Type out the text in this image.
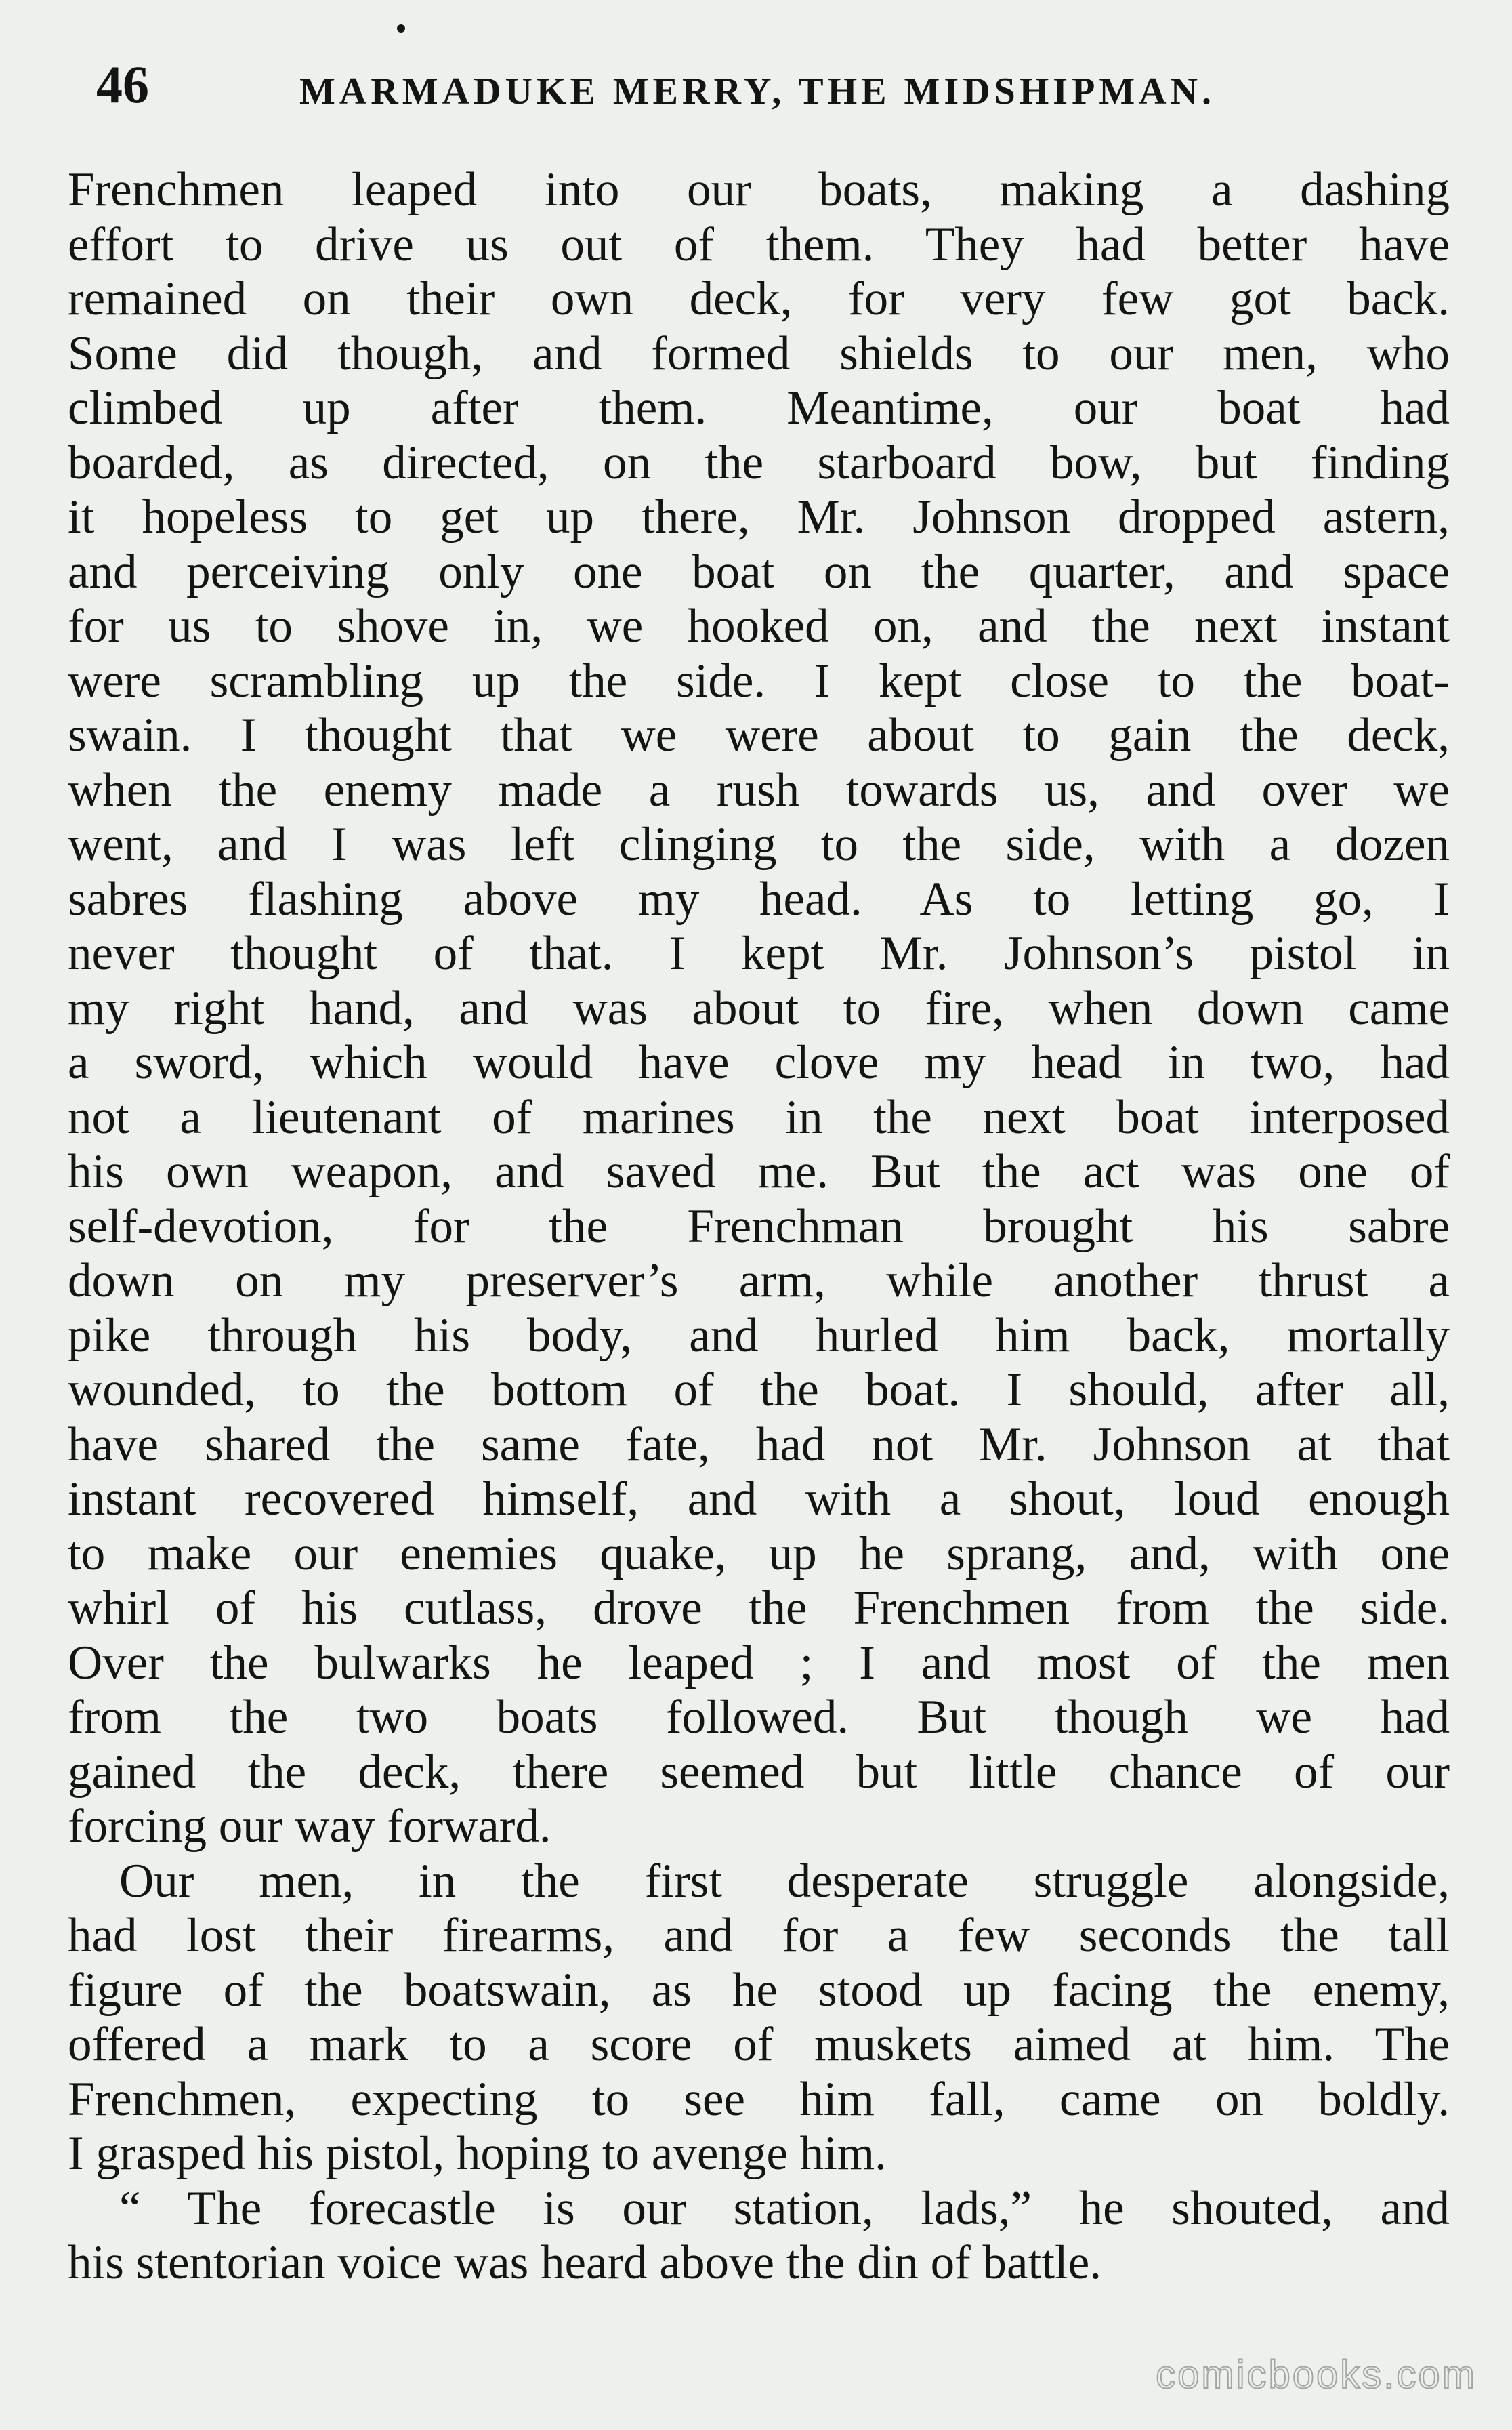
46	MARMADUKE MERRY, THE MIDSHIPMAN.
Frenchmen leaped into our boats, making a dashing
effort to drive us out of them. They had better have
remained on their own deck, for very few got back.
Some did though, and formed shields to our men, who
climbed up after them. Meantime, our boat had
boarded, as directed, on the starboard bow, but finding
it hopeless to get up there, Mr. Johnson dropped astern,
and perceiving only one boat on the quarter, and space
for us to shove in, we hooked on, and the next instant
were scrambling up the side. I kept close to the boat-
swain. I thought that we were about to gain the deck,
when the enemy made a rush towards us, and over we
went, and I was left clinging to the side, with a dozen
sabres flashing above my head. As to letting go, I
never thought of that. I kept Mr. Johnson’s pistol in
my right hand, and was about to fire, when down came
a sword, which would have clove my head in two, had
not a lieutenant of marines in the next boat interposed
his own weapon, and saved me. But the act was one of
self-devotion, for the Frenchman brought his sabre
down on my preserver’s arm, while another thrust a
pike through his body, and hurled him back, mortally
wounded, to the bottom of the boat. I should, after all,
have shared the same fate, had not Mr. Johnson at that
instant recovered himself, and with a shout, loud enough
to make our enemies quake, up he sprang, and, with one
whirl of his cutlass, drove the Frenchmen from the side.
Over the bulwarks he leaped ; I and most of the men
from the two boats followed. But though we had
gained the deck, there seemed but little chance of our
forcing our way forward.
Our men, in the first desperate struggle alongside,
had lost their firearms, and for a few seconds the tall
figure of the boatswain, as he stood up facing the enemy,
offered a mark to a score of muskets aimed at him. The
Frenchmen, expecting to see him fall, came on boldly.
I grasped his pistol, hoping to avenge him.
“ The forecastle is our station, lads,” he shouted, and
his stentorian voice was heard above the din of battle.
comicbooks.com
